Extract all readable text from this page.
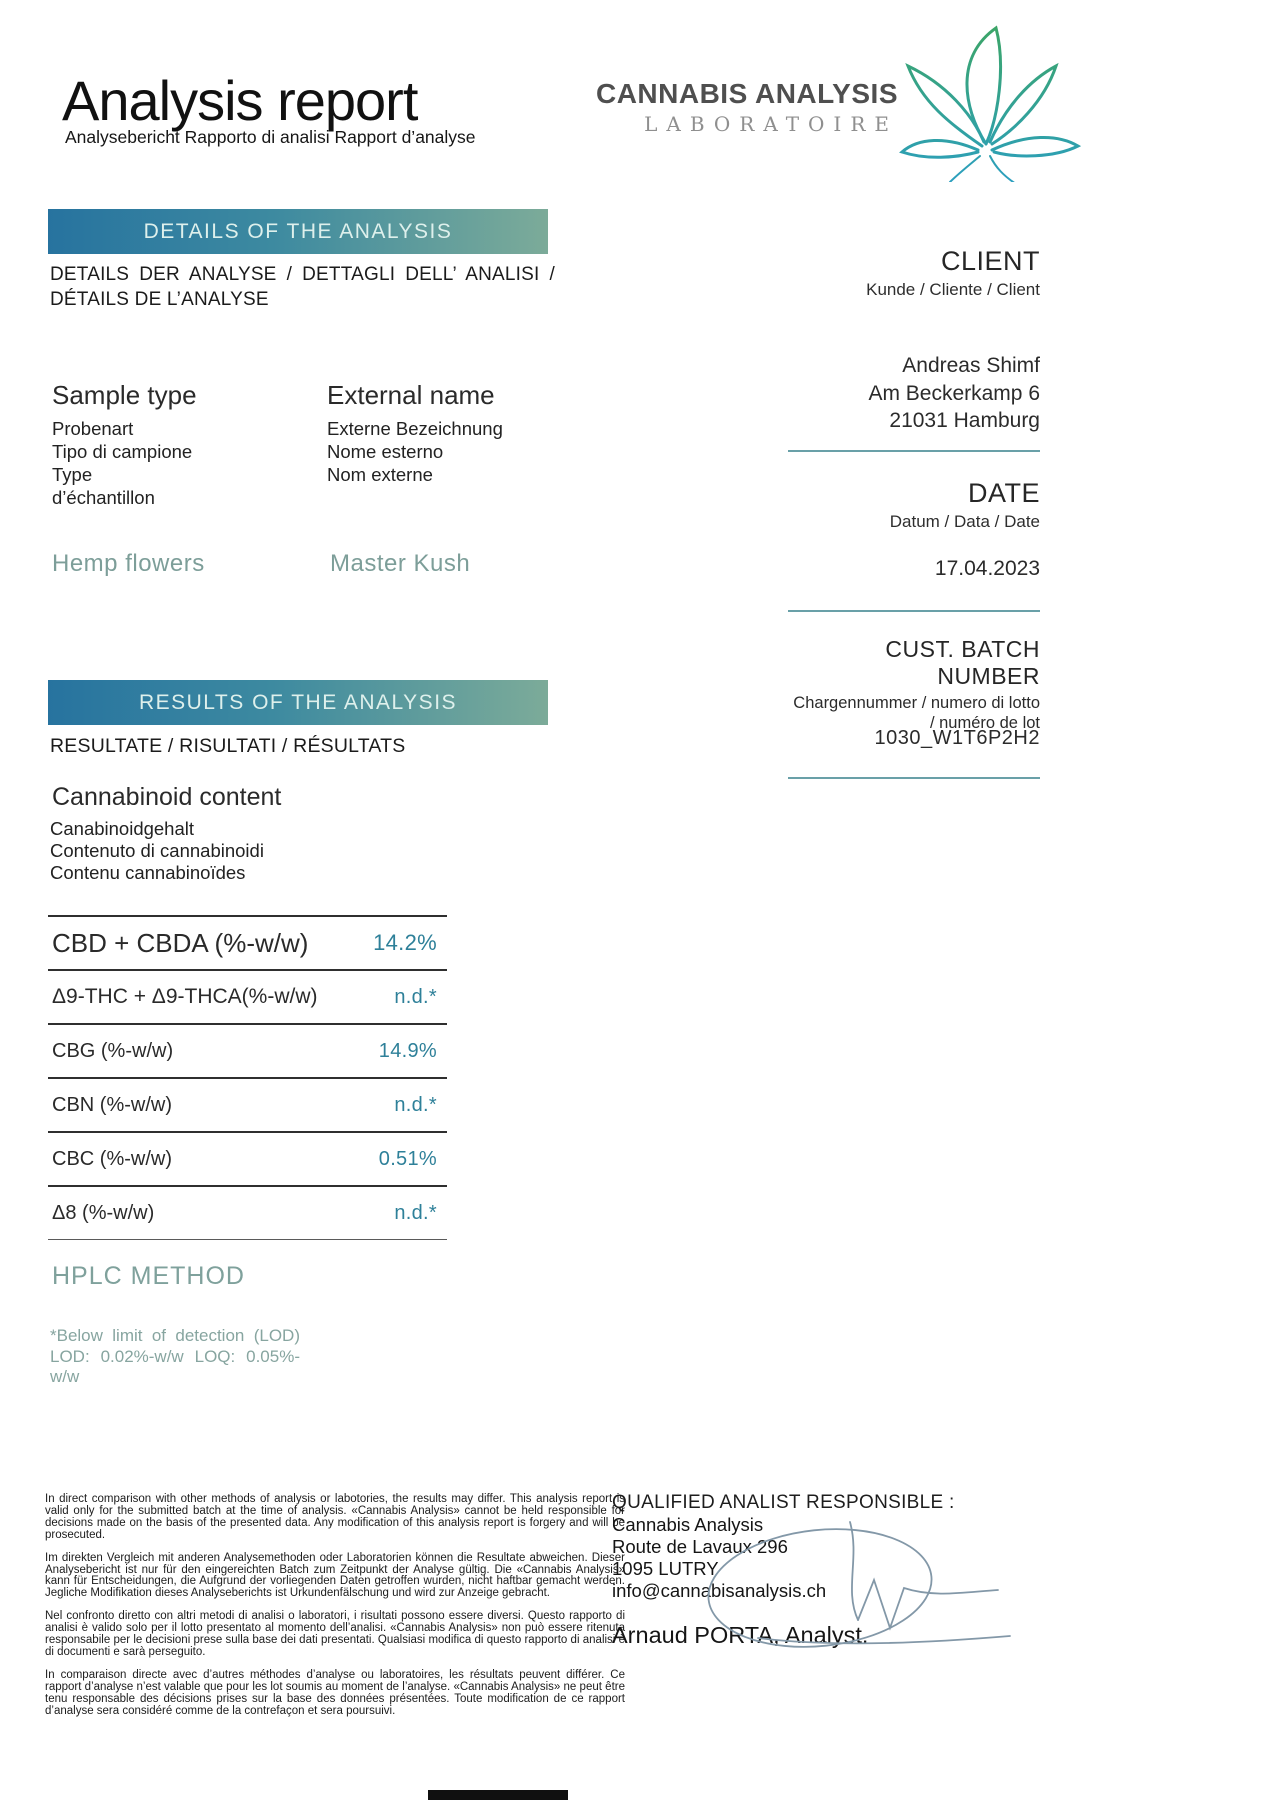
Analysis report
Analysebericht Rapporto di analisi Rapport d’analyse
CANNABIS ANALYSIS
LABORATOIRE
DETAILS OF THE ANALYSIS
DETAILS DER ANALYSE / DETTAGLI DELL’ ANALISI / DÉTAILS DE L’ANALYSE
Sample type
Probenart
Tipo di campione
Type
d’échantillon
External name
Externe Bezeichnung
Nome esterno
Nom externe
Hemp flowers	Master Kush
CLIENT
Kunde / Cliente / Client
Andreas Shimf
Am Beckerkamp 6
21031 Hamburg
DATE
Datum / Data / Date
17.04.2023
CUST. BATCH NUMBER
Chargennummer / numero di lotto
/ numéro de lot
1030_W1T6P2H2
RESULTS OF THE ANALYSIS
RESULTATE / RISULTATI / RÉSULTATS
Cannabinoid content
Canabinoidgehalt
Contenuto di cannabinoidi
Contenu cannabinoïdes
CBD + CBDA (%-w/w)	14.2%
Δ9-THC + Δ9-THCA(%-w/w)	n.d.*
CBG (%-w/w)	14.9%
CBN (%-w/w)	n.d.*
CBC (%-w/w)	0.51%
Δ8 (%-w/w)	n.d.*
HPLC METHOD
*Below limit of detection (LOD) LOD: 0.02%-w/w LOQ: 0.05%-w/w

In direct comparison with other methods of analysis or labotories, the results may differ. This analysis report is valid only for the submitted batch at the time of analysis. «Cannabis Analysis» cannot be held responsible for decisions made on the basis of the presented data. Any modification of this analysis report is forgery and will be prosecuted.

Im direkten Vergleich mit anderen Analysemethoden oder Laboratorien können die Resultate abweichen. Dieser Analysebericht ist nur für den eingereichten Batch zum Zeitpunkt der Analyse gültig. Die «Cannabis Analysis» kann für Entscheidungen, die Aufgrund der vorliegenden Daten getroffen wurden, nicht haftbar gemacht werden. Jegliche Modifikation dieses Analyseberichts ist Urkundenfälschung und wird zur Anzeige gebracht.

Nel confronto diretto con altri metodi di analisi o laboratori, i risultati possono essere diversi. Questo rapporto di analisi è valido solo per il lotto presentato al momento dell’analisi. «Cannabis Analysis» non può essere ritenuta responsabile per le decisioni prese sulla base dei dati presentati. Qualsiasi modifica di questo rapporto di analisi è di documenti e sarà perseguito.

In comparaison directe avec d’autres méthodes d’analyse ou laboratoires, les résultats peuvent différer. Ce rapport d’analyse n’est valable que pour les lot soumis au moment de l’analyse. «Cannabis Analysis» ne peut être tenu responsable des décisions prises sur la base des données présentées. Toute modification de ce rapport d’analyse sera considéré comme de la contrefaçon et sera poursuivi.

QUALIFIED ANALIST RESPONSIBLE :
Cannabis Analysis
Route de Lavaux 296
1095 LUTRY
info@cannabisanalysis.ch
Arnaud PORTA, Analyst.
